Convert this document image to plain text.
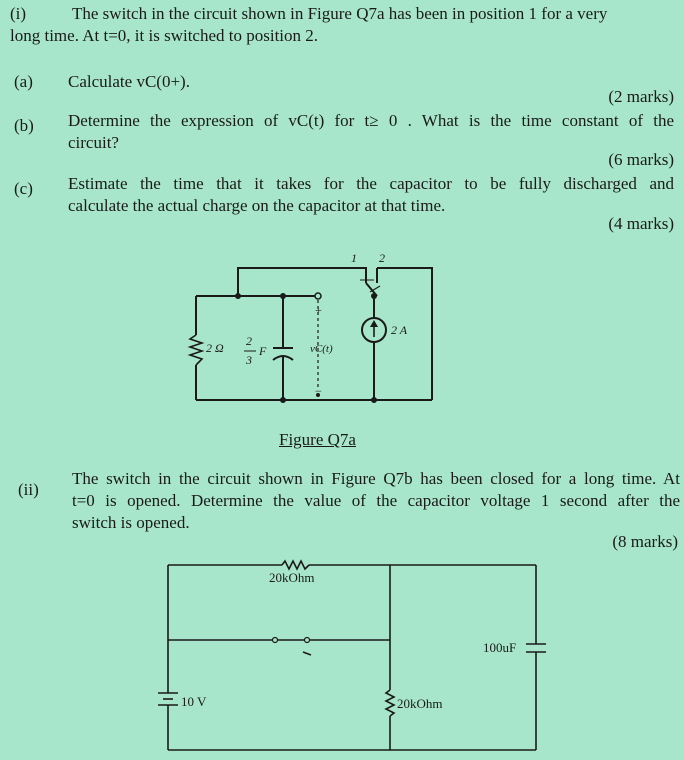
(i)	The switch in the circuit shown in Figure Q7a has been in position 1 for a very
long time. At t=0, it is switched to position 2.
(a) Calculate vC(0+).
(2 marks)
(b) Determine the expression of vC(t) for t≥ 0 . What is the time constant of the
circuit?
(6 marks)
(c) Estimate the time that it takes for the capacitor to be fully discharged and
calculate the actual charge on the capacitor at that time.
(4 marks)
1 2
2 Ω 2
3
F	vC(t)
+
−
2 A
Figure Q7a
(ii)
The switch in the circuit shown in Figure Q7b has been closed for a long time. At
t=0 is opened. Determine the value of the capacitor voltage 1 second after the
switch is opened.
(8 marks)
20kOhm
10 V	20kOhm
100uF
